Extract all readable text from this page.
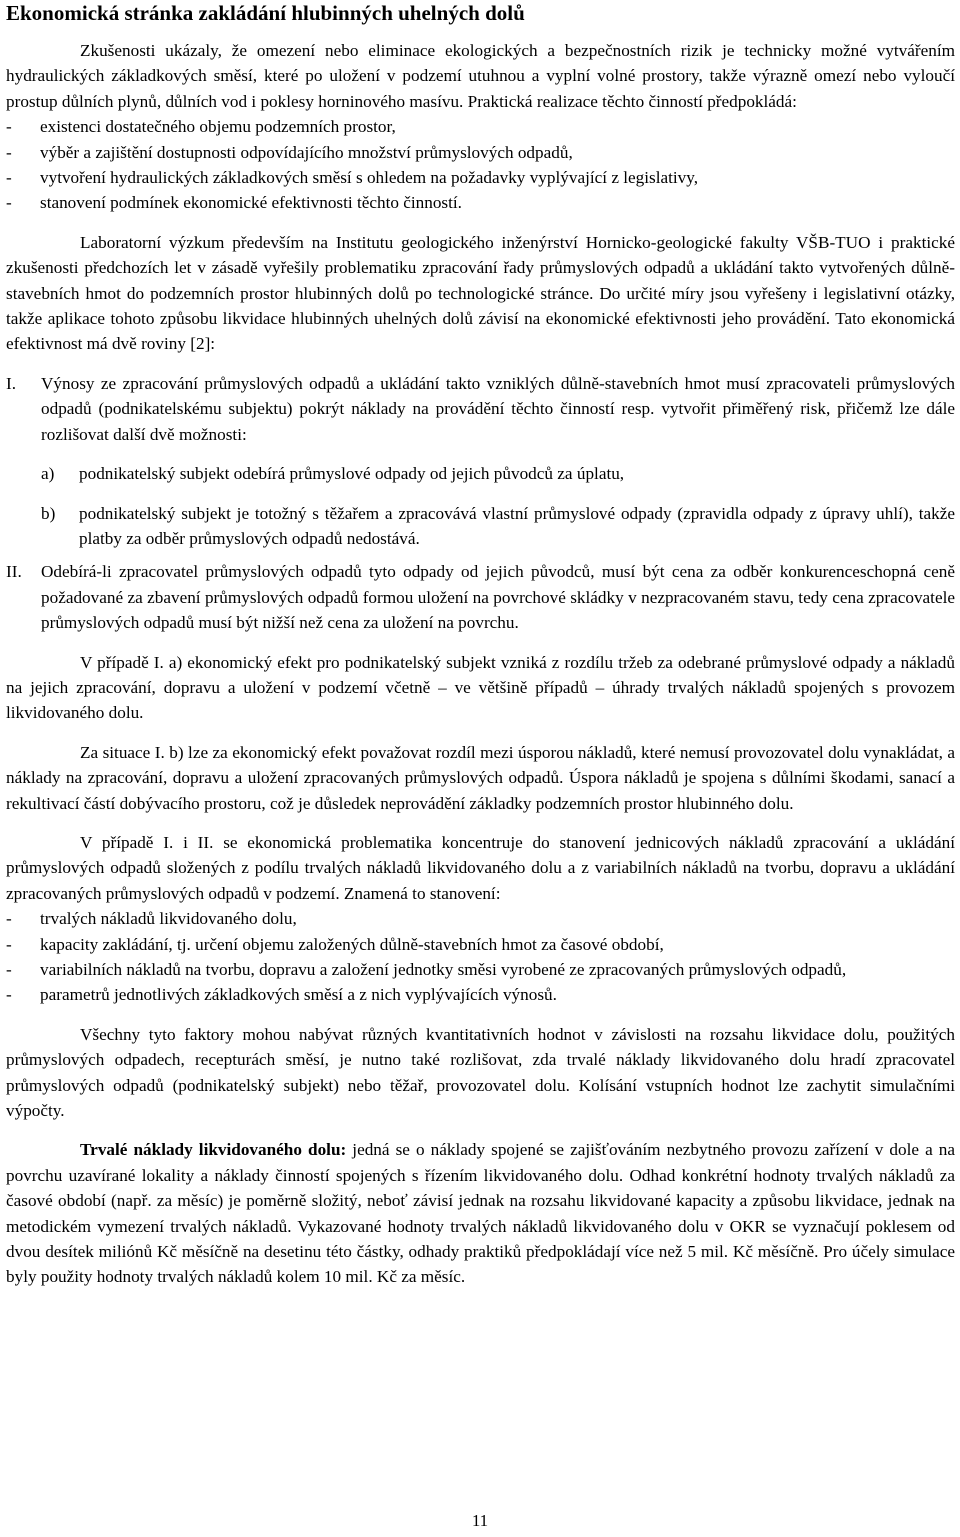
Ekonomická stránka zakládání hlubinných uhelných dolů

Zkušenosti ukázaly, že omezení nebo eliminace ekologických a bezpečnostních rizik je technicky možné vytvářením hydraulických základkových směsí, které po uložení v podzemí utuhnou a vyplní volné prostory, takže výrazně omezí nebo vyloučí prostup důlních plynů, důlních vod i poklesy horninového masívu. Praktická realizace těchto činností předpokládá:

- existenci dostatečného objemu podzemních prostor,
- výběr a zajištění dostupnosti odpovídajícího množství průmyslových odpadů,
- vytvoření hydraulických základkových směsí s ohledem na požadavky vyplývající z legislativy,
- stanovení podmínek ekonomické efektivnosti těchto činností.

Laboratorní výzkum především na Institutu geologického inženýrství Hornicko-geologické fakulty VŠB-TUO i praktické zkušenosti předchozích let v zásadě vyřešily problematiku zpracování řady průmyslových odpadů a ukládání takto vytvořených důlně-stavebních hmot do podzemních prostor hlubinných dolů po technologické stránce. Do určité míry jsou vyřešeny i legislativní otázky, takže aplikace tohoto způsobu likvidace hlubinných uhelných dolů závisí na ekonomické efektivnosti jeho provádění. Tato ekonomická efektivnost má dvě roviny [2]:

I. Výnosy ze zpracování průmyslových odpadů a ukládání takto vzniklých důlně-stavebních hmot musí zpracovateli průmyslových odpadů (podnikatelskému subjektu) pokrýt náklady na provádění těchto činností resp. vytvořit přiměřený risk, přičemž lze dále rozlišovat další dvě možnosti:
a) podnikatelský subjekt odebírá průmyslové odpady od jejich původců za úplatu,
b) podnikatelský subjekt je totožný s těžařem a zpracovává vlastní průmyslové odpady (zpravidla odpady z úpravy uhlí), takže platby za odběr průmyslových odpadů nedostává.
II. Odebírá-li zpracovatel průmyslových odpadů tyto odpady od jejich původců, musí být cena za odběr konkurenceschopná ceně požadované za zbavení průmyslových odpadů formou uložení na povrchové skládky v nezpracovaném stavu, tedy cena zpracovatele průmyslových odpadů musí být nižší než cena za uložení na povrchu.

V případě I. a) ekonomický efekt pro podnikatelský subjekt vzniká z rozdílu tržeb za odebrané průmyslové odpady a nákladů na jejich zpracování, dopravu a uložení v podzemí včetně – ve většině případů – úhrady trvalých nákladů spojených s provozem likvidovaného dolu.

Za situace I. b) lze za ekonomický efekt považovat rozdíl mezi úsporou nákladů, které nemusí provozovatel dolu vynakládat, a náklady na zpracování, dopravu a uložení zpracovaných průmyslových odpadů. Úspora nákladů je spojena s důlními škodami, sanací a rekultivací částí dobývacího prostoru, což je důsledek neprovádění základky podzemních prostor hlubinného dolu.

V případě I. i II. se ekonomická problematika koncentruje do stanovení jednicových nákladů zpracování a ukládání průmyslových odpadů složených z podílu trvalých nákladů likvidovaného dolu a z variabilních nákladů na tvorbu, dopravu a ukládání zpracovaných průmyslových odpadů v podzemí. Znamená to stanovení:

- trvalých nákladů likvidovaného dolu,
- kapacity zakládání, tj. určení objemu založených důlně-stavebních hmot za časové období,
- variabilních nákladů na tvorbu, dopravu a založení jednotky směsi vyrobené ze zpracovaných průmyslových odpadů,
- parametrů jednotlivých základkových směsí a z nich vyplývajících výnosů.

Všechny tyto faktory mohou nabývat různých kvantitativních hodnot v závislosti na rozsahu likvidace dolu, použitých průmyslových odpadech, recepturách směsí, je nutno také rozlišovat, zda trvalé náklady likvidovaného dolu hradí zpracovatel průmyslových odpadů (podnikatelský subjekt) nebo těžař, provozovatel dolu. Kolísání vstupních hodnot lze zachytit simulačními výpočty.

Trvalé náklady likvidovaného dolu: jedná se o náklady spojené se zajišťováním nezbytného provozu zařízení v dole a na povrchu uzavírané lokality a náklady činností spojených s řízením likvidovaného dolu. Odhad konkrétní hodnoty trvalých nákladů za časové období (např. za měsíc) je poměrně složitý, neboť závisí jednak na rozsahu likvidované kapacity a způsobu likvidace, jednak na metodickém vymezení trvalých nákladů. Vykazované hodnoty trvalých nákladů likvidovaného dolu v OKR se vyznačují poklesem od dvou desítek miliónů Kč měsíčně na desetinu této částky, odhady praktiků předpokládají více než 5 mil. Kč měsíčně. Pro účely simulace byly použity hodnoty trvalých nákladů kolem 10 mil. Kč za měsíc.

11
